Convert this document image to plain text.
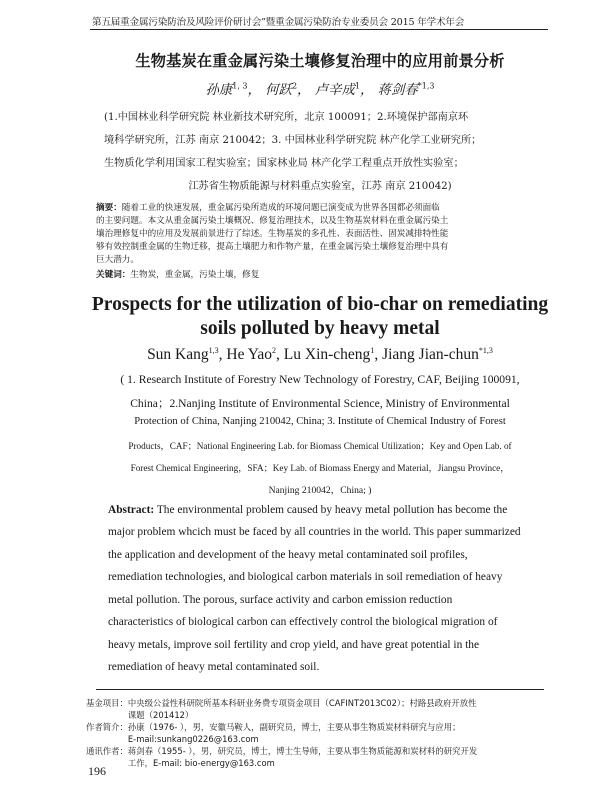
第五届重金属污染防治及风险评价研讨会”暨重金属污染防治专业委员会 2015 年学术年会
生物基炭在重金属污染土壤修复治理中的应用前景分析
孙康$^{1, 3}$， 何跃$^2$， 卢辛成$^1$， 蒋剑春$^{*1,3}$
(1.中国林业科学研究院 林业新技术研究所，北京 100091；2.环境保护部南京环
境科学研究所，江苏 南京 210042；3. 中国林业科学研究院 林产化学工业研究所；
生物质化学利用国家工程实验室；国家林业局 林产化学工程重点开放性实验室；
江苏省生物质能源与材料重点实验室，江苏 南京 210042)
摘要：随着工业的快速发展，重金属污染所造成的环境问题已演变成为世界各国都必须面临
的主要问题。本文从重金属污染土壤概况、修复治理技术，以及生物基炭材料在重金属污染土
壤治理修复中的应用及发展前景进行了综述。生物基炭的多孔性、表面活性、固炭减排特性能
够有效控制重金属的生物迁移，提高土壤肥力和作物产量，在重金属污染土壤修复治理中具有
巨大潜力。
关键词：生物炭，重金属，污染土壤，修复
Prospects for the utilization of bio-char on remediating
soils polluted by heavy metal
Sun Kang$^{1,3}$, He Yao$^2$, Lu Xin-cheng$^1$, Jiang Jian-chun$^{*1,3}$
( 1. Research Institute of Forestry New Technology of Forestry, CAF, Beijing 100091,
China；2.Nanjing Institute of Environmental Science, Ministry of Environmental
Protection of China, Nanjing 210042, China; 3. Institute of Chemical Industry of Forest
Products，CAF；National Engineering Lab. for Biomass Chemical Utilization；Key and Open Lab. of
Forest Chemical Engineering，SFA；Key Lab. of Biomass Energy and Material，Jiangsu Province，
Nanjing 210042，China; )
Abstract: The environmental problem caused by heavy metal pollution has become the
major problem whcich must be faced by all countries in the world. This paper summarized
the application and development of the heavy metal contaminated soil profiles,
remediation technologies, and biological carbon materials in soil remediation of heavy
metal pollution. The porous, surface activity and carbon emission reduction
characteristics of biological carbon can effectively control the biological migration of
heavy metals, improve soil fertility and crop yield, and have great potential in the
remediation of heavy metal contaminated soil.
基金项目：中央级公益性科研院所基本科研业务费专项资金项目（CAFINT2013C02）；村路县政府开放性
　　　　　课题（201412）
作者简介：孙康（1976- ），男，安徽马鞍人，副研究员，博士，主要从事生物质炭材料研究与应用；
　　　　　E-mail:sunkang0226@163.com
通讯作者：蒋剑春（1955- ），男，研究员，博士，博士生导师，主要从事生物质能源和炭材料的研究开发
　　　　　工作，E-mail: bio-energy@163.com
196
